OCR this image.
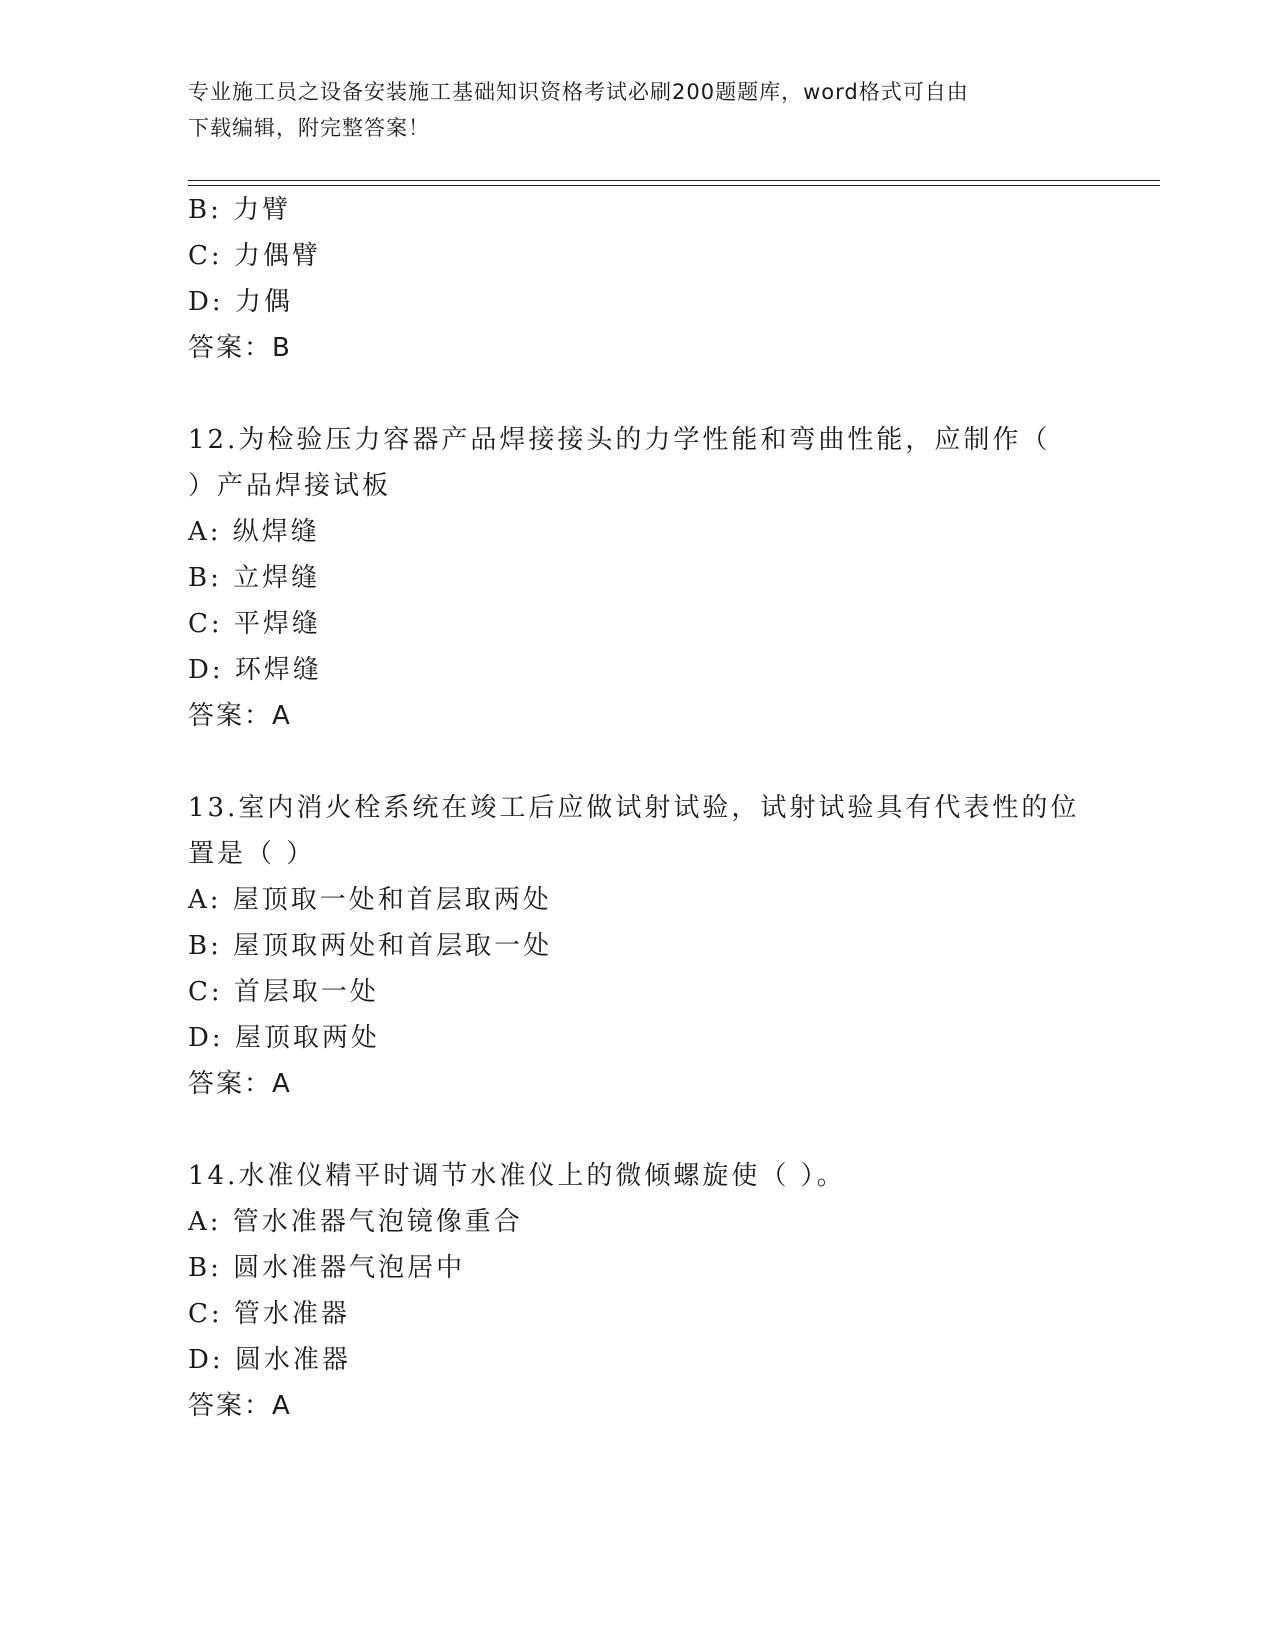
专业施工员之设备安装施工基础知识资格考试必刷200题题库，word格式可自由
下载编辑，附完整答案！
B: 力臂
C: 力偶臂
D: 力偶
答案：B
12.为检验压力容器产品焊接接头的力学性能和弯曲性能，应制作（
）产品焊接试板
A: 纵焊缝
B: 立焊缝
C: 平焊缝
D: 环焊缝
答案：A
13.室内消火栓系统在竣工后应做试射试验，试射试验具有代表性的位
置是（ ）
A: 屋顶取一处和首层取两处
B: 屋顶取两处和首层取一处
C: 首层取一处
D: 屋顶取两处
答案：A
14.水准仪精平时调节水准仪上的微倾螺旋使（ ）。
A: 管水准器气泡镜像重合
B: 圆水准器气泡居中
C: 管水准器
D: 圆水准器
答案：A
